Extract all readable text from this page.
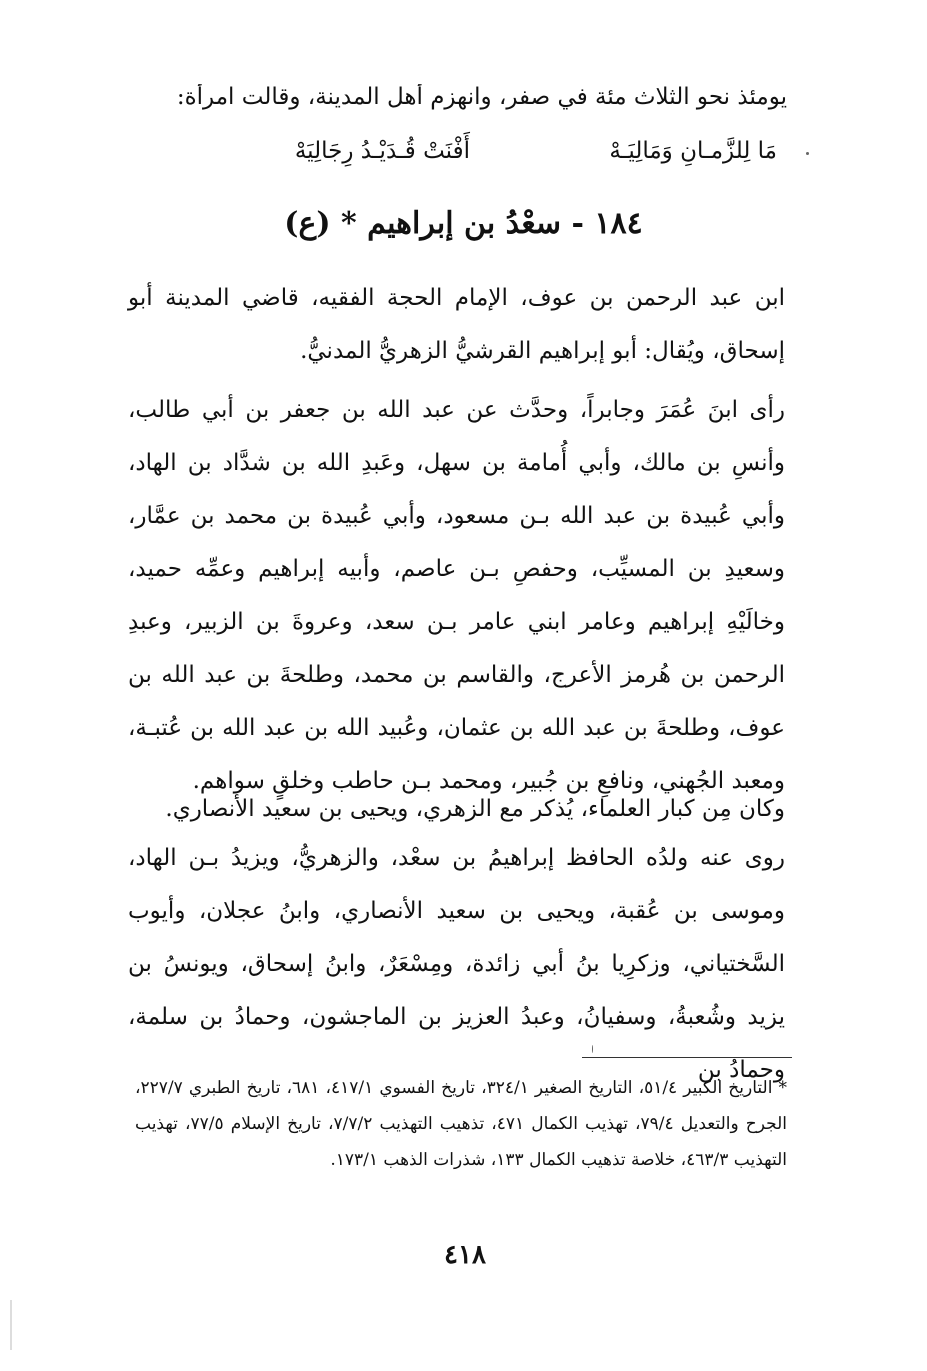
يومئذ نحو الثلاث مئة في صفر، وانهزم أهل المدينة، وقالت امرأة:
مَا لِلزَّمـانِ وَمَالِيَـهْ
أَفْنَتْ قُـدَيْـدُ رِجَالِيَهْ
١٨٤ - سعْدُ بن إبراهيم * (ع)
ابن عبد الرحمن بن عوف، الإمام الحجة الفقيه، قاضي المدينة أبو إسحاق، ويُقال: أبو إبراهيم القرشيُّ الزهريُّ المدنيُّ.
رأى ابنَ عُمَرَ وجابراً، وحدَّث عن عبد الله بن جعفر بن أبي طالب، وأنسِ بن مالك، وأبي أُمامة بن سهل، وعَبدِ الله بن شدَّاد بن الهاد، وأبي عُبيدة بن عبد الله بـن مسعود، وأبي عُبيدة بن محمد بن عمَّار، وسعيدِ بن المسيِّب، وحفصِ بـن عاصم، وأبيه إبراهيم وعمِّه حميد، وخالَيْهِ إبراهيم وعامر ابني عامر بـن سعد، وعروةَ بن الزبير، وعبدِ الرحمن بن هُرمز الأعرج، والقاسم بن محمد، وطلحةَ بن عبد الله بن عوف، وطلحةَ بن عبد الله بن عثمان، وعُبيد الله بن عبد الله بن عُتبـة، ومعبد الجُهني، ونافعِ بن جُبير، ومحمد بـن حاطب وخلقٍ سواهم.
وكان مِن كبار العلماء، يُذكر مع الزهري، ويحيى بن سعيد الأنصاري.
روى عنه ولدُه الحافظ إبراهيمُ بن سعْد، والزهريُّ، ويزيدُ بـن الهاد، وموسى بن عُقبة، ويحيى بن سعيد الأنصاري، وابنُ عجلان، وأيوب السَّختياني، وزكرِيا بنُ أبي زائدة، ومِسْعَرٌ، وابنُ إسحاق، ويونسُ بن يزيد وشُعبةُ، وسفيانُ، وعبدُ العزيز بن الماجشون، وحمادُ بن سلمة، وحمادُ بن
* التاريخ الكبير ٥١/٤، التاريخ الصغير ٣٢٤/١، تاريخ الفسوي ٤١٧/١، ٦٨١، تاريخ الطبري ٢٢٧/٧، الجرح والتعديل ٧٩/٤، تهذيب الكمال ٤٧١، تذهيب التهذيب ٧/٧/٢، تاريخ الإسلام ٧٧/٥، تهذيب التهذيب ٤٦٣/٣، خلاصة تذهيب الكمال ١٣٣، شذرات الذهب ١٧٣/١.
٤١٨
